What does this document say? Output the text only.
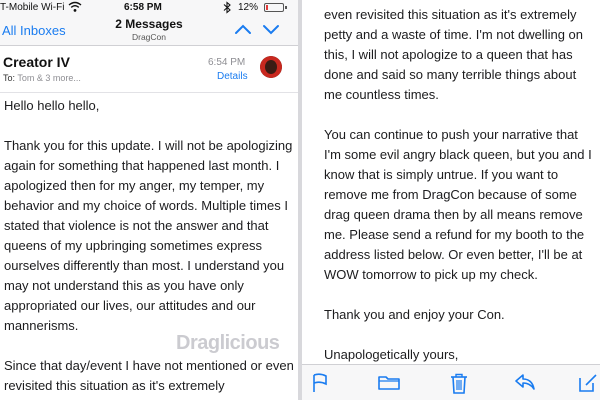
T-Mobile Wi-Fi	6:58 PM	12%
All Inboxes	2 Messages
DragCon
Creator IV
To: Tom & 3 more...
6:54 PM
Details

Hello hello hello,

Thank you for this update. I will not be apologizing again for something that happened last month. I apologized then for my anger, my temper, my behavior and my choice of words. Multiple times I stated that violence is not the answer and that queens of my upbringing sometimes express ourselves differently than most. I understand you may not understand this as you have only appropriated our lives, our attitudes and our mannerisms.

Since that day/event I have not mentioned or even revisited this situation as it's extremely

Draglicious

even revisited this situation as it's extremely petty and a waste of time. I'm not dwelling on this, I will not apologize to a queen that has done and said so many terrible things about me countless times.

You can continue to push your narrative that I'm some evil angry black queen, but you and I know that is simply untrue. If you want to remove me from DragCon because of some drag queen drama then by all means remove me. Please send a refund for my booth to the address listed below. Or even better, I'll be at WOW tomorrow to pick up my check.

Thank you and enjoy your Con.

Unapologetically yours,
